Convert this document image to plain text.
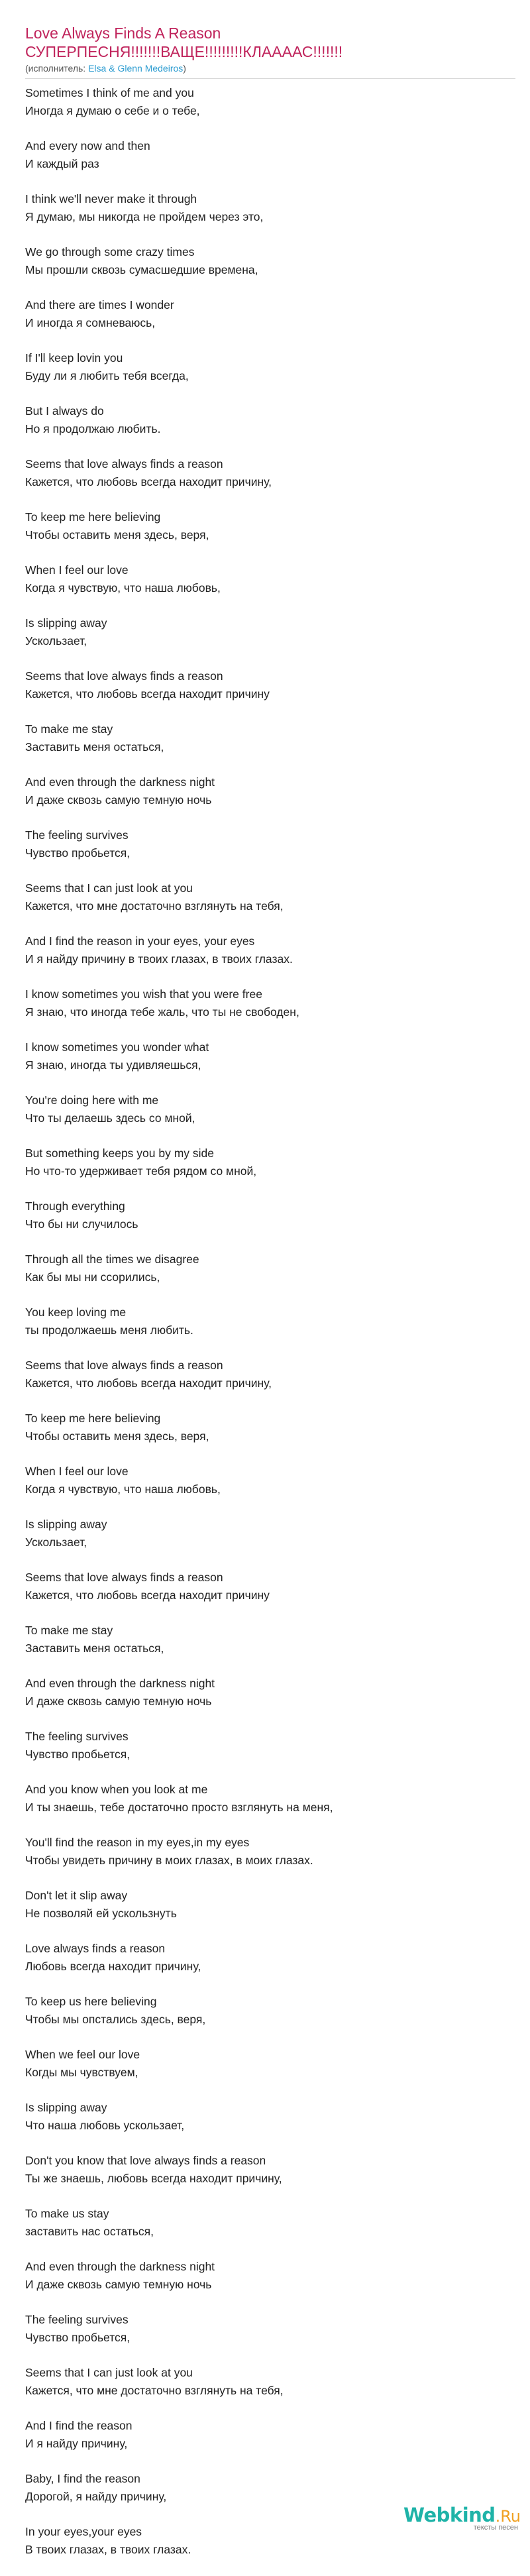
Love Always Finds A Reason
СУПЕРПЕСНЯ!!!!!!!ВАЩЕ!!!!!!!!!КЛААААС!!!!!!!

(исполнитель: Elsa & Glenn Medeiros)

Sometimes I think of me and you
Иногда я думаю о себе и о тебе,
And every now and then
И каждый раз
I think we'll never make it through
Я думаю, мы никогда не пройдем через это,
We go through some crazy times
Мы прошли сквозь сумасшедшие времена,
And there are times I wonder
И иногда я сомневаюсь,
If I'll keep lovin you
Буду ли я любить тебя всегда,
But I always do
Но я продолжаю любить.
Seems that love always finds a reason
Кажется, что любовь всегда находит причину,
To keep me here believing
Чтобы оставить меня здесь, веря,
When I feel our love
Когда я чувствую, что наша любовь,
Is slipping away
Ускользает,
Seems that love always finds a reason
Кажется, что любовь всегда находит причину
To make me stay
Заставить меня остаться,
And even through the darkness night
И даже сквозь самую темную ночь
The feeling survives
Чувство пробьется,
Seems that I can just look at you
Кажется, что мне достаточно взглянуть на тебя,
And I find the reason in your eyes, your eyes
И я найду причину в твоих глазах, в твоих глазах.
I know sometimes you wish that you were free
Я знаю, что иногда тебе жаль, что ты не свободен,
I know sometimes you wonder what
Я знаю, иногда ты удивляешься,
You're doing here with me
Что ты делаешь здесь со мной,
But something keeps you by my side
Но что-то удерживает тебя рядом со мной,
Through everything
Что бы ни случилось
Through all the times we disagree
Как бы мы ни ссорились,
You keep loving me
ты продолжаешь меня любить.
Seems that love always finds a reason
Кажется, что любовь всегда находит причину,
To keep me here believing
Чтобы оставить меня здесь, веря,
When I feel our love
Когда я чувствую, что наша любовь,
Is slipping away
Ускользает,
Seems that love always finds a reason
Кажется, что любовь всегда находит причину
To make me stay
Заставить меня остаться,
And even through the darkness night
И даже сквозь самую темную ночь
The feeling survives
Чувство пробьется,
And you know when you look at me
И ты знаешь, тебе достаточно просто взглянуть на меня,
You'll find the reason in my eyes,in my eyes
Чтобы увидеть причину в моих глазах, в моих глазах.
Don't let it slip away
Не позволяй ей ускользнуть
Love always finds a reason
Любовь всегда находит причину,
To keep us here believing
Чтобы мы опстались здесь, веря,
When we feel our love
Когды мы чувствуем,
Is slipping away
Что наша любовь ускользает,
Don't you know that love always finds a reason
Ты же знаешь, любовь всегда находит причину,
To make us stay
заставить нас остаться,
And even through the darkness night
И даже сквозь самую темную ночь
The feeling survives
Чувство пробьется,
Seems that I can just look at you
Кажется, что мне достаточно взглянуть на тебя,
And I find the reason
И я найду причину,
Baby, I find the reason
Дорогой, я найду причину,
In your eyes,your eyes
В твоих глазах, в твоих глазах.
Webkind.Ru
тексты песен
